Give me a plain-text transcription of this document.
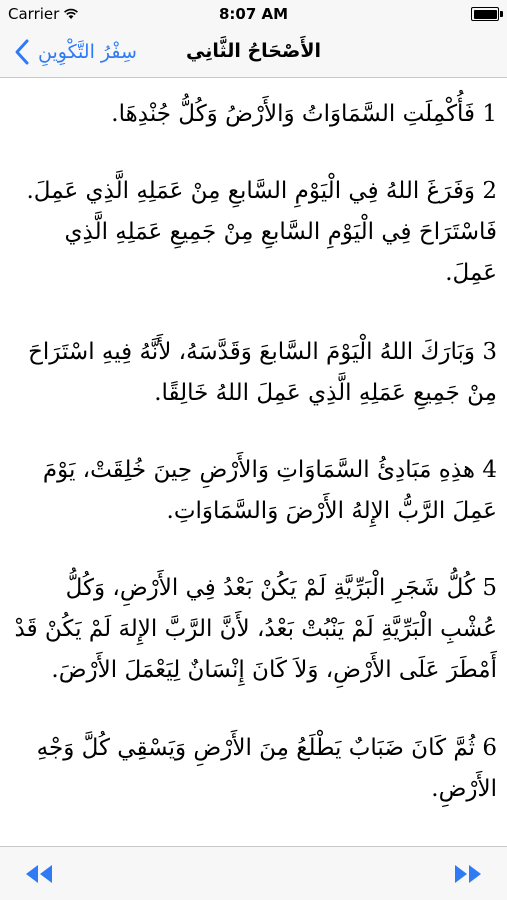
Carrier	8:07 AM
سِفْرُ التَّكْوِينِ	الأَصْحَاحُ الثَّانِي
1 فَأُكْمِلَتِ السَّمَاوَاتُ وَالأَرْضُ وَكُلُّ جُنْدِهَا.
2 وَفَرَغَ اللهُ فِي الْيَوْمِ السَّابعِ مِنْ عَمَلِهِ الَّذِي عَمِلَ. فَاسْتَرَاحَ فِي الْيَوْمِ السَّابعِ مِنْ جَمِيعِ عَمَلِهِ الَّذِي عَمِلَ.
3 وَبَارَكَ اللهُ الْيَوْمَ السَّابعَ وَقَدَّسَهُ، لأَنَّهُ فِيهِ اسْتَرَاحَ مِنْ جَمِيعِ عَمَلِهِ الَّذِي عَمِلَ اللهُ خَالِقًا.
4 هذِهِ مَبَادِئُ السَّمَاوَاتِ وَالأَرْضِ حِينَ خُلِقَتْ، يَوْمَ عَمِلَ الرَّبُّ الإِلهُ الأَرْضَ وَالسَّمَاوَاتِ.
5 كُلُّ شَجَرِ الْبَرِّيَّةِ لَمْ يَكُنْ بَعْدُ فِي الأَرْضِ، وَكُلُّ عُشْبِ الْبَرِّيَّةِ لَمْ يَنْبُتْ بَعْدُ، لأَنَّ الرَّبَّ الإِلهَ لَمْ يَكُنْ قَدْ أَمْطَرَ عَلَى الأَرْضِ، وَلاَ كَانَ إِنْسَانٌ لِيَعْمَلَ الأَرْضَ.
6 ثُمَّ كَانَ ضَبَابٌ يَطْلَعُ مِنَ الأَرْضِ وَيَسْقِي كُلَّ وَجْهِ الأَرْضِ.
